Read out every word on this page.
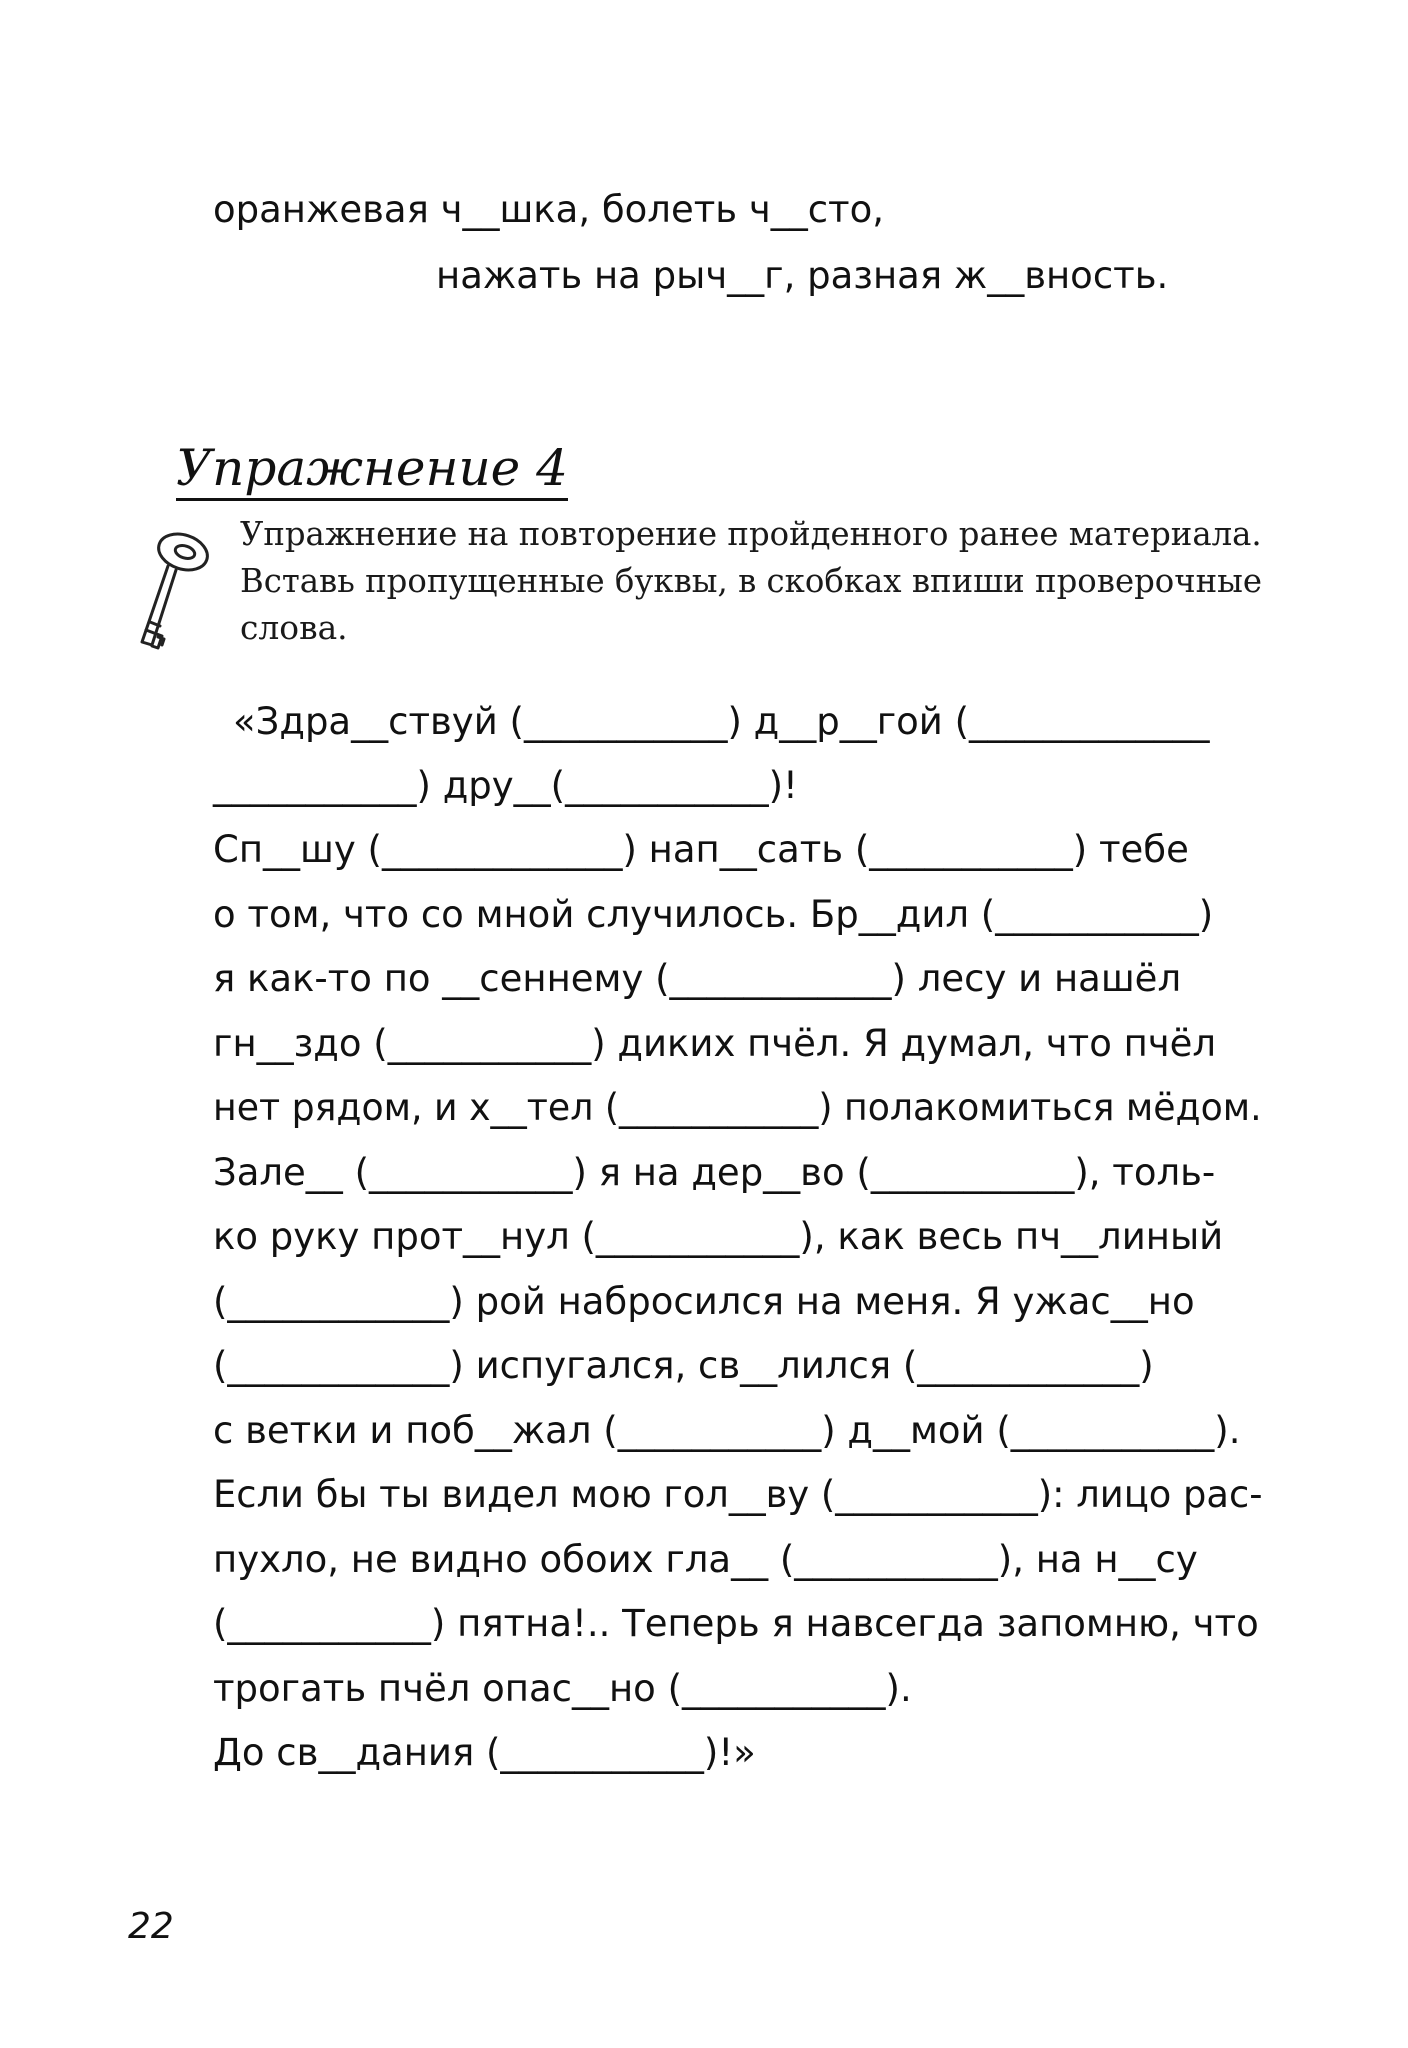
оранжевая ч__шка, болеть ч__сто,
нажать на рыч__г, разная ж__вность.
Упражнение 4
Упражнение на повторение пройденного ранее материала.
Вставь пропущенные буквы, в скобках впиши проверочные
слова.
«Здра__ствуй (___________) д__р__гой (_____________
___________) дру__(___________)!
Сп__шу (_____________) нап__сать (___________) тебе
о том, что со мной случилось. Бр__дил (___________)
я как-то по __сеннему (____________) лесу и нашёл
гн__здо (___________) диких пчёл. Я думал, что пчёл
нет рядом, и х__тел (___________) полакомиться мёдом.
Зале__ (___________) я на дер__во (___________), толь-
ко руку прот__нул (___________), как весь пч__линый
(____________) рой набросился на меня. Я ужас__но
(____________) испугался, св__лился (____________)
с ветки и поб__жал (___________) д__мой (___________).
Если бы ты видел мою гол__ву (___________): лицо рас-
пухло, не видно обоих гла__ (___________), на н__су
(___________) пятна!.. Теперь я навсегда запомню, что
трогать пчёл опас__но (___________).
До св__дания (___________)!»
22
